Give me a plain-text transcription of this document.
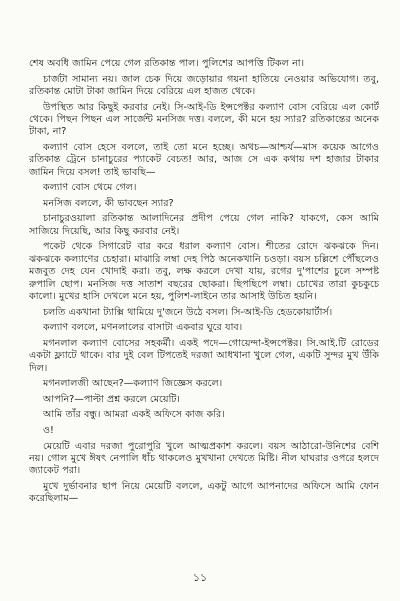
শেষ অবধি জামিন পেয়ে গেল রতিকান্ত পাল। পুলিশের আপত্তি টিকল না।

চার্জটা সামান্য নয়। জাল চেক দিয়ে জড়োয়ার গয়না হাতিয়ে নেওয়ার অভিযোগ। তবু, রতিকান্ত মোটা টাকা জামিন দিয়ে বেরিয়ে এল হাজত থেকে।

উপস্থিত আর কিছুই করবার নেই। সি-আই-ডি ইন্সপেক্টর কল্যাণ বোস বেরিয়ে এল কোর্ট থেকে। পিছন পিছন এল সার্জেন্ট মনসিজ দত্ত। বললে, কী মনে হয় স্যার? রতিকান্তের অনেক টাকা, না?

কল্যাণ বোস হেসে বললে, তাই তো মনে হচ্ছে। অথচ—আশ্চর্য—মাস কয়েক আগেও রতিকান্ত ট্রেনে চানাচুরের প্যাকেট বেচত! আর, আজ সে এক কথায় দশ হাজার টাকার জামিন দিয়ে বসল! তাই ভাবছি—

কল্যাণ বোস থেমে গেল।

মনসিজ বললে, কী ভাবছেন স্যার?

চানাচুরওয়ালা রতিকান্ত আলাদিনের প্রদীপ পেয়ে গেল নাকি? যাকগে, কেস আমি সাজিয়ে দিয়েছি, আর কিছু করবার নেই।

পকেট থেকে সিগারেট বার করে ধরাল কল্যাণ বোস। শীতের রোদে ঝকঝকে দিন। ঝকঝকে কল্যাণের চেহারা। মাঝারি লম্বা দেহ পিঠ অনেকখানি চওড়া। বয়স চল্লিশে পৌঁছলেও মজবুত দেহ যেন খোদাই করা। তবু, লক্ষ করলে দেখা যায়, রগের দু'পাশের চুলে সম্পষ্ট রুপালি ছোপ। মনসিজ দত্ত সাতাশ বছরের ছোকরা। ছিপছিপে লম্বা। চোখের তারা কুচকুচে কালো। মুখের হাসি দেখলে মনে হয়, পুলিশ-লাইনে তার আসাই উচিত হয়নি।

চলতি একখানা ট্যাক্সি থামিয়ে দু'জনে উঠে বসল। সি-আই-ডি হেডকোয়ার্টার্স।

কল্যাণ বললে, মণনলালের বাসাটা একবার ঘুরে যাব।

মগনলাল কল্যাণ বোসের সহকর্মী। একই পদে—গোয়েন্দা-ইন্সপেক্টর। সি.আই.টি রোডের একটা ফ্ল্যাটে থাকে। বার দুই বেল টিপতেই দরজা আধখানা খুলে গেল, একটি সুন্দর মুখ উঁকি দিল।

মগনলালজী আছেন?—কল্যাণ জিজ্ঞেস করলে।

আপনি?—পাল্টা প্রশ্ন করলে মেয়েটি।

আমি তাঁর বন্ধু। আমরা একই অফিসে কাজ করি।

ও!

মেয়েটি এবার দরজা পুরোপুরি খুলে আত্মপ্রকাশ করলে। বয়স আঠারো-উনিশের বেশি নয়। গোল মুখে ঈষৎ নেপালি ধাঁচ থাকলেও মুখখানা দেখতে মিষ্টি। নীল ঘাঘরার ওপরে হলদে জ্যাকেট পরা।

মুখে দুর্ভাবনার ছাপ নিয়ে মেয়েটি বললে, একটু আগে আপনাদের অফিসে আমি ফোন করেছিলাম—

১১
